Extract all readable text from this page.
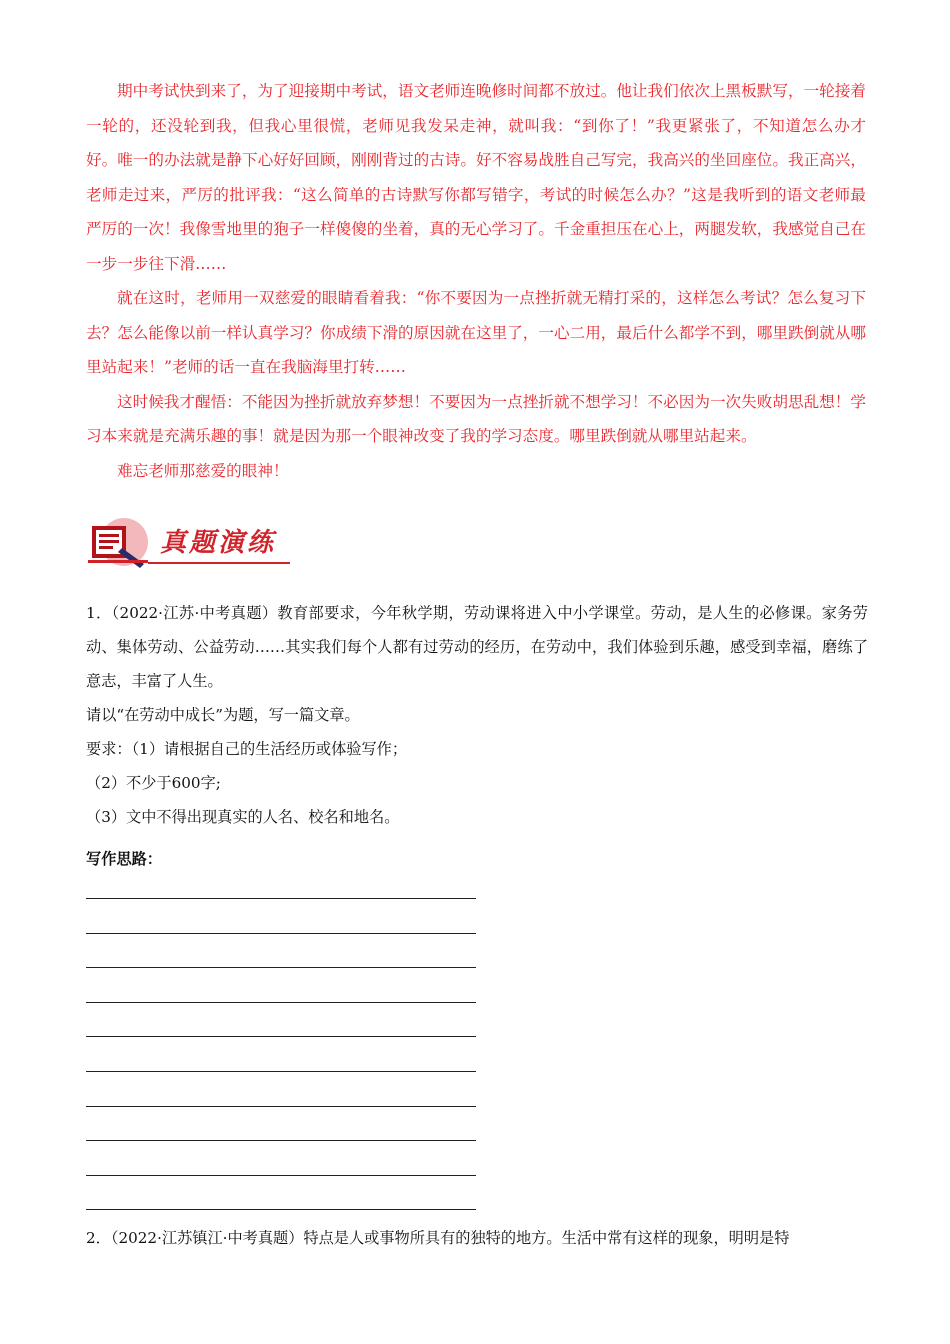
期中考试快到来了，为了迎接期中考试，语文老师连晚修时间都不放过。他让我们依次上黑板默写，一轮接着一轮的，还没轮到我，但我心里很慌，老师见我发呆走神，就叫我：“到你了！”我更紧张了，不知道怎么办才好。唯一的办法就是静下心好好回顾，刚刚背过的古诗。好不容易战胜自己写完，我高兴的坐回座位。我正高兴，老师走过来，严厉的批评我：“这么简单的古诗默写你都写错字，考试的时候怎么办？”这是我听到的语文老师最严厉的一次！我像雪地里的狍子一样傻傻的坐着，真的无心学习了。千金重担压在心上，两腿发软，我感觉自己在一步一步往下滑……

就在这时，老师用一双慈爱的眼睛看着我：“你不要因为一点挫折就无精打采的，这样怎么考试？怎么复习下去？怎么能像以前一样认真学习？你成绩下滑的原因就在这里了，一心二用，最后什么都学不到，哪里跌倒就从哪里站起来！”老师的话一直在我脑海里打转……

这时候我才醒悟：不能因为挫折就放弃梦想！不要因为一点挫折就不想学习！不必因为一次失败胡思乱想！学习本来就是充满乐趣的事！就是因为那一个眼神改变了我的学习态度。哪里跌倒就从哪里站起来。

难忘老师那慈爱的眼神！

真题演练

1．（2022·江苏·中考真题）教育部要求，今年秋学期，劳动课将进入中小学课堂。劳动，是人生的必修课。家务劳动、集体劳动、公益劳动……其实我们每个人都有过劳动的经历，在劳动中，我们体验到乐趣，感受到幸福，磨练了意志，丰富了人生。

请以“在劳动中成长”为题，写一篇文章。

要求：（1）请根据自己的生活经历或体验写作；

（2）不少于600字;

（3）文中不得出现真实的人名、校名和地名。

写作思路：
2．（2022·江苏镇江·中考真题）特点是人或事物所具有的独特的地方。生活中常有这样的现象，明明是特
